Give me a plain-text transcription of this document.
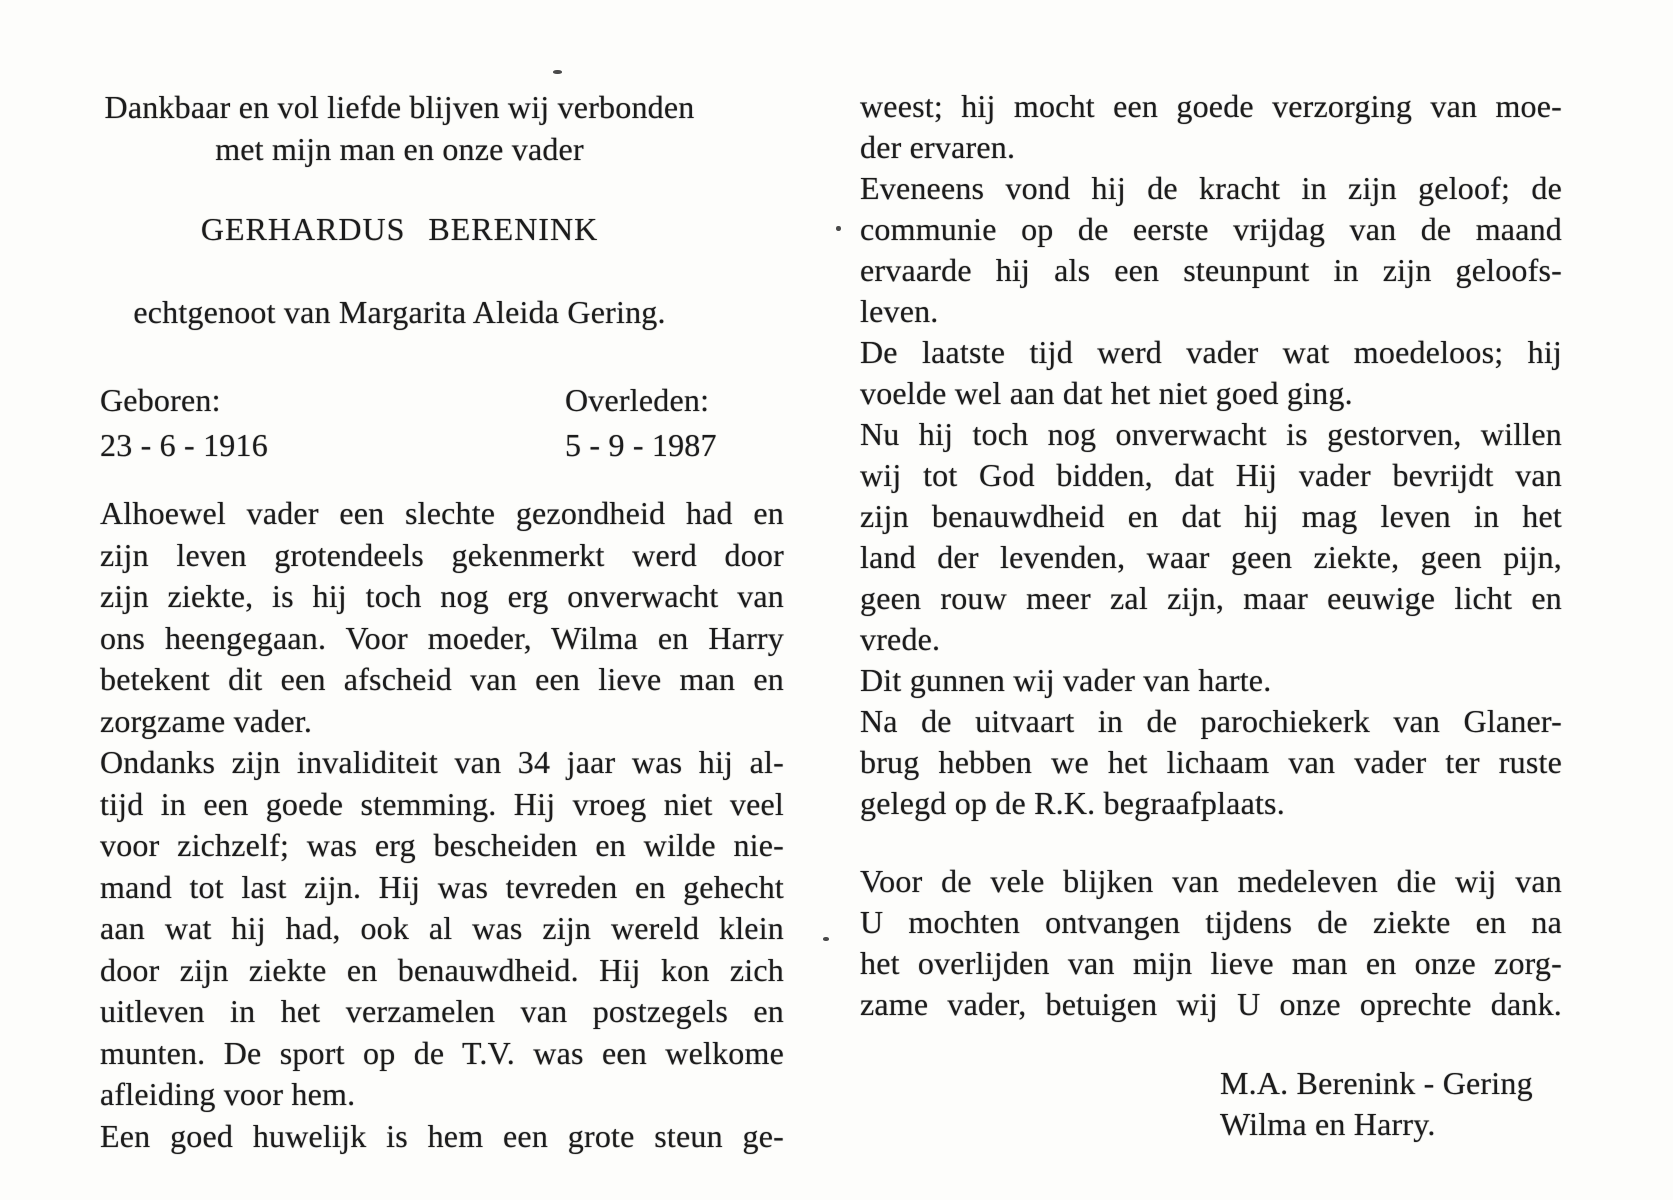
Dankbaar en vol liefde blijven wij verbonden
met mijn man en onze vader
GERHARDUS BERENINK
echtgenoot van Margarita Aleida Gering.
Geboren:	Overleden:
23 - 6 - 1916	5 - 9 - 1987
Alhoewel vader een slechte gezondheid had en
zijn leven grotendeels gekenmerkt werd door
zijn ziekte, is hij toch nog erg onverwacht van
ons heengegaan. Voor moeder, Wilma en Harry
betekent dit een afscheid van een lieve man en
zorgzame vader.
Ondanks zijn invaliditeit van 34 jaar was hij al-
tijd in een goede stemming. Hij vroeg niet veel
voor zichzelf; was erg bescheiden en wilde nie-
mand tot last zijn. Hij was tevreden en gehecht
aan wat hij had, ook al was zijn wereld klein
door zijn ziekte en benauwdheid. Hij kon zich
uitleven in het verzamelen van postzegels en
munten. De sport op de T.V. was een welkome
afleiding voor hem.
Een goed huwelijk is hem een grote steun ge-
weest; hij mocht een goede verzorging van moe-
der ervaren.
Eveneens vond hij de kracht in zijn geloof; de
communie op de eerste vrijdag van de maand
ervaarde hij als een steunpunt in zijn geloofs-
leven.
De laatste tijd werd vader wat moedeloos; hij
voelde wel aan dat het niet goed ging.
Nu hij toch nog onverwacht is gestorven, willen
wij tot God bidden, dat Hij vader bevrijdt van
zijn benauwdheid en dat hij mag leven in het
land der levenden, waar geen ziekte, geen pijn,
geen rouw meer zal zijn, maar eeuwige licht en
vrede.
Dit gunnen wij vader van harte.
Na de uitvaart in de parochiekerk van Glaner-
brug hebben we het lichaam van vader ter ruste
gelegd op de R.K. begraafplaats.
Voor de vele blijken van medeleven die wij van
U mochten ontvangen tijdens de ziekte en na
het overlijden van mijn lieve man en onze zorg-
zame vader, betuigen wij U onze oprechte dank.
M.A. Berenink - Gering
Wilma en Harry.
